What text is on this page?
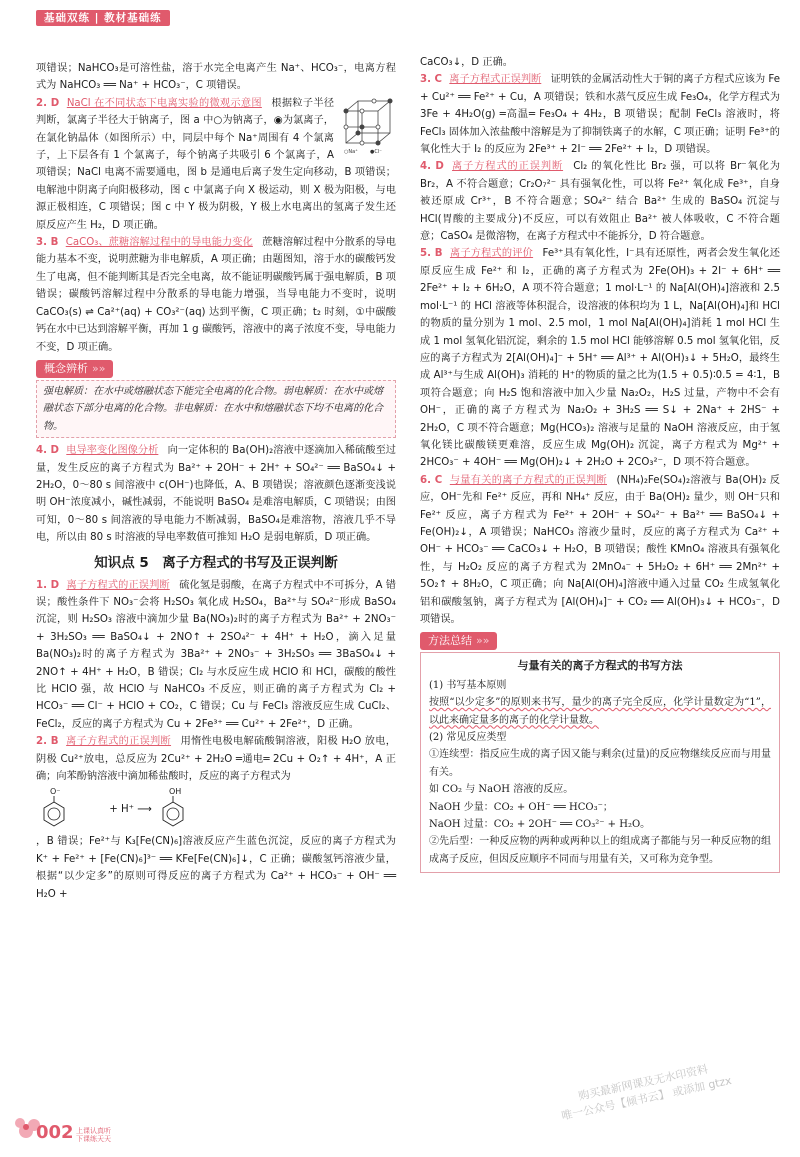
基础双练 | 教材基础练

项错误；NaHCO₃是可溶性盐，溶于水完全电离产生 Na⁺、HCO₃⁻，电离方程式为 NaHCO₃ ══ Na⁺ + HCO₃⁻，C 项错误。

○Na⁺ ●Cl⁻
2. D NaCl 在不同状态下电离实验的微观示意图 根据粒子半径判断，氯离子半径大于钠离子，图 a 中○为钠离子，◉为氯离子，在氯化钠晶体（如图所示）中，同层中每个 Na⁺周围有 4 个氯离子，上下层各有 1 个氯离子，每个钠离子共吸引 6 个氯离子，A 项错误；NaCl 电离不需要通电，图 b 是通电后离子发生定向移动，B 项错误；电解池中阴离子向阳极移动，图 c 中氯离子向 X 极运动，则 X 极为阳极，与电源正极相连，C 项错误；图 c 中 Y 极为阴极，Y 极上水电离出的氢离子发生还原反应产生 H₂，D 项正确。

3. B CaCO₃、蔗糖溶解过程中的导电能力变化 蔗糖溶解过程中分散系的导电能力基本不变，说明蔗糖为非电解质，A 项正确；由题图知，溶于水的碳酸钙发生了电离，但不能判断其是否完全电离，故不能证明碳酸钙属于强电解质，B 项错误；碳酸钙溶解过程中分散系的导电能力增强，当导电能力不变时，说明CaCO₃(s) ⇌ Ca²⁺(aq) + CO₃²⁻(aq) 达到平衡，C 项正确；t₂ 时刻，①中碳酸钙在水中已达到溶解平衡，再加 1 g 碳酸钙，溶液中的离子浓度不变，导电能力不变，D 项正确。

概念辨析 »»
强电解质：在水中或熔融状态下能完全电离的化合物。弱电解质：在水中或熔融状态下部分电离的化合物。非电解质：在水中和熔融状态下均不电离的化合物。

4. D 电导率变化图像分析 向一定体积的 Ba(OH)₂溶液中逐滴加入稀硫酸至过量，发生反应的离子方程式为 Ba²⁺ + 2OH⁻ + 2H⁺ + SO₄²⁻ ══ BaSO₄↓ + 2H₂O，0～80 s 间溶液中 c(OH⁻)也降低，A、B 项错误；溶液颜色逐渐变浅说明 OH⁻浓度减小，碱性减弱，不能说明 BaSO₄ 是难溶电解质，C 项错误；由图可知，0～80 s 间溶液的导电能力不断减弱，BaSO₄是难溶物，溶液几乎不导电，所以由 80 s 时溶液的导电率数值可推知 H₂O 是弱电解质，D 项正确。

知识点 5　离子方程式的书写及正误判断

1. D 离子方程式的正误判断 硫化氢是弱酸，在离子方程式中不可拆分，A 错误；酸性条件下 NO₃⁻会将 H₂SO₃ 氧化成 H₂SO₄，Ba²⁺与 SO₄²⁻形成 BaSO₄ 沉淀，则 H₂SO₃ 溶液中滴加少量 Ba(NO₃)₂时的离子方程式为 Ba²⁺ + 2NO₃⁻ + 3H₂SO₃ ══ BaSO₄↓ + 2NO↑ + 2SO₄²⁻ + 4H⁺ + H₂O，滴入足量 Ba(NO₃)₂时的离子方程式为 3Ba²⁺ + 2NO₃⁻ + 3H₂SO₃ ══ 3BaSO₄↓ + 2NO↑ + 4H⁺ + H₂O，B 错误；Cl₂ 与水反应生成 HClO 和 HCl，碳酸的酸性比 HClO 强，故 HClO 与 NaHCO₃ 不反应，则正确的离子方程式为 Cl₂ + HCO₃⁻ ══ Cl⁻ + HClO + CO₂，C 错误；Cu 与 FeCl₃ 溶液反应生成 CuCl₂、FeCl₂，反应的离子方程式为 Cu + 2Fe³⁺ ══ Cu²⁺ + 2Fe²⁺，D 正确。

2. B 离子方程式的正误判断 用惰性电极电解硫酸铜溶液，阳极 H₂O 放电，阴极 Cu²⁺放电，总反应为 2Cu²⁺ + 2H₂O ═通电═ 2Cu + O₂↑ + 4H⁺，A 正确；向苯酚钠溶液中滴加稀盐酸时，反应的离子方程式为

O⁻
+ H⁺ ⟶
OH

，B 错误；Fe²⁺与 K₃[Fe(CN)₆]溶液反应产生蓝色沉淀，反应的离子方程式为 K⁺ + Fe²⁺ + [Fe(CN)₆]³⁻ ══ KFe[Fe(CN)₆]↓，C 正确；碳酸氢钙溶液少量，根据“以少定多”的原则可得反应的离子方程式为 Ca²⁺ + HCO₃⁻ + OH⁻ ══ H₂O +

CaCO₃↓，D 正确。

3. C 离子方程式正误判断 证明铁的金属活动性大于铜的离子方程式应该为 Fe + Cu²⁺ ══ Fe²⁺ + Cu，A 项错误；铁和水蒸气反应生成 Fe₃O₄，化学方程式为 3Fe + 4H₂O(g) ═高温═ Fe₃O₄ + 4H₂，B 项错误；配制 FeCl₃ 溶液时，将 FeCl₃ 固体加入浓盐酸中溶解是为了抑制铁离子的水解，C 项正确；证明 Fe³⁺的氧化性大于 I₂ 的反应为 2Fe³⁺ + 2I⁻ ══ 2Fe²⁺ + I₂，D 项错误。

4. D 离子方程式的正误判断 Cl₂ 的氧化性比 Br₂ 强，可以将 Br⁻氧化为 Br₂，A 不符合题意；Cr₂O₇²⁻ 具有强氧化性，可以将 Fe²⁺ 氧化成 Fe³⁺，自身被还原成 Cr³⁺，B 不符合题意；SO₄²⁻ 结合 Ba²⁺ 生成的 BaSO₄ 沉淀与 HCl(胃酸的主要成分)不反应，可以有效阻止 Ba²⁺ 被人体吸收，C 不符合题意；CaSO₄ 是微溶物，在离子方程式中不能拆分，D 符合题意。

5. B 离子方程式的评价 Fe³⁺具有氧化性，I⁻具有还原性，两者会发生氧化还原反应生成 Fe²⁺ 和 I₂，正确的离子方程式为 2Fe(OH)₃ + 2I⁻ + 6H⁺ ══ 2Fe²⁺ + I₂ + 6H₂O，A 项不符合题意；1 mol·L⁻¹ 的 Na[Al(OH)₄]溶液和 2.5 mol·L⁻¹ 的 HCl 溶液等体积混合，设溶液的体积均为 1 L，Na[Al(OH)₄]和 HCl 的物质的量分别为 1 mol、2.5 mol，1 mol Na[Al(OH)₄]消耗 1 mol HCl 生成 1 mol 氢氧化铝沉淀，剩余的 1.5 mol HCl 能够溶解 0.5 mol 氢氧化铝，反应的离子方程式为 2[Al(OH)₄]⁻ + 5H⁺ ══ Al³⁺ + Al(OH)₃↓ + 5H₂O，最终生成 Al³⁺与生成 Al(OH)₃ 消耗的 H⁺的物质的量之比为(1.5 + 0.5)∶0.5 = 4∶1，B 项符合题意；向 H₂S 饱和溶液中加入少量 Na₂O₂，H₂S 过量，产物中不会有 OH⁻，正确的离子方程式为 Na₂O₂ + 3H₂S ══ S↓ + 2Na⁺ + 2HS⁻ + 2H₂O，C 项不符合题意；Mg(HCO₃)₂ 溶液与足量的 NaOH 溶液反应，由于氢氧化镁比碳酸镁更难溶，反应生成 Mg(OH)₂ 沉淀，离子方程式为 Mg²⁺ + 2HCO₃⁻ + 4OH⁻ ══ Mg(OH)₂↓ + 2H₂O + 2CO₃²⁻，D 项不符合题意。

6. C 与量有关的离子方程式的正误判断 (NH₄)₂Fe(SO₄)₂溶液与 Ba(OH)₂ 反应，OH⁻先和 Fe²⁺ 反应，再和 NH₄⁺ 反应，由于 Ba(OH)₂ 量少，则 OH⁻只和 Fe²⁺ 反应，离子方程式为 Fe²⁺ + 2OH⁻ + SO₄²⁻ + Ba²⁺ ══ BaSO₄↓ + Fe(OH)₂↓，A 项错误；NaHCO₃ 溶液少量时，反应的离子方程式为 Ca²⁺ + OH⁻ + HCO₃⁻ ══ CaCO₃↓ + H₂O，B 项错误；酸性 KMnO₄ 溶液具有强氧化性，与 H₂O₂ 反应的离子方程式为 2MnO₄⁻ + 5H₂O₂ + 6H⁺ ══ 2Mn²⁺ + 5O₂↑ + 8H₂O，C 项正确；向 Na[Al(OH)₄]溶液中通入过量 CO₂ 生成氢氧化铝和碳酸氢钠，离子方程式为 [Al(OH)₄]⁻ + CO₂ ══ Al(OH)₃↓ + HCO₃⁻，D 项错误。

方法总结 »»
与量有关的离子方程式的书写方法

(1) 书写基本原则

按照“以少定多”的原则来书写，量少的离子完全反应，化学计量数定为“1”，以此来确定量多的离子的化学计量数。

(2) 常见反应类型

①连续型：指反应生成的离子因又能与剩余(过量)的反应物继续反应而与用量有关。

如 CO₂ 与 NaOH 溶液的反应。

NaOH 少量：CO₂ + OH⁻ ══ HCO₃⁻；

NaOH 过量：CO₂ + 2OH⁻ ══ CO₃²⁻ + H₂O。

②先后型：一种反应物的两种或两种以上的组成离子都能与另一种反应物的组成离子反应，但因反应顺序不同而与用量有关，又可称为竞争型。

购买最新网课及无水印资料
唯一公众号【倾书云】 或添加 gtzx
002 上课认真听
下课练天天
